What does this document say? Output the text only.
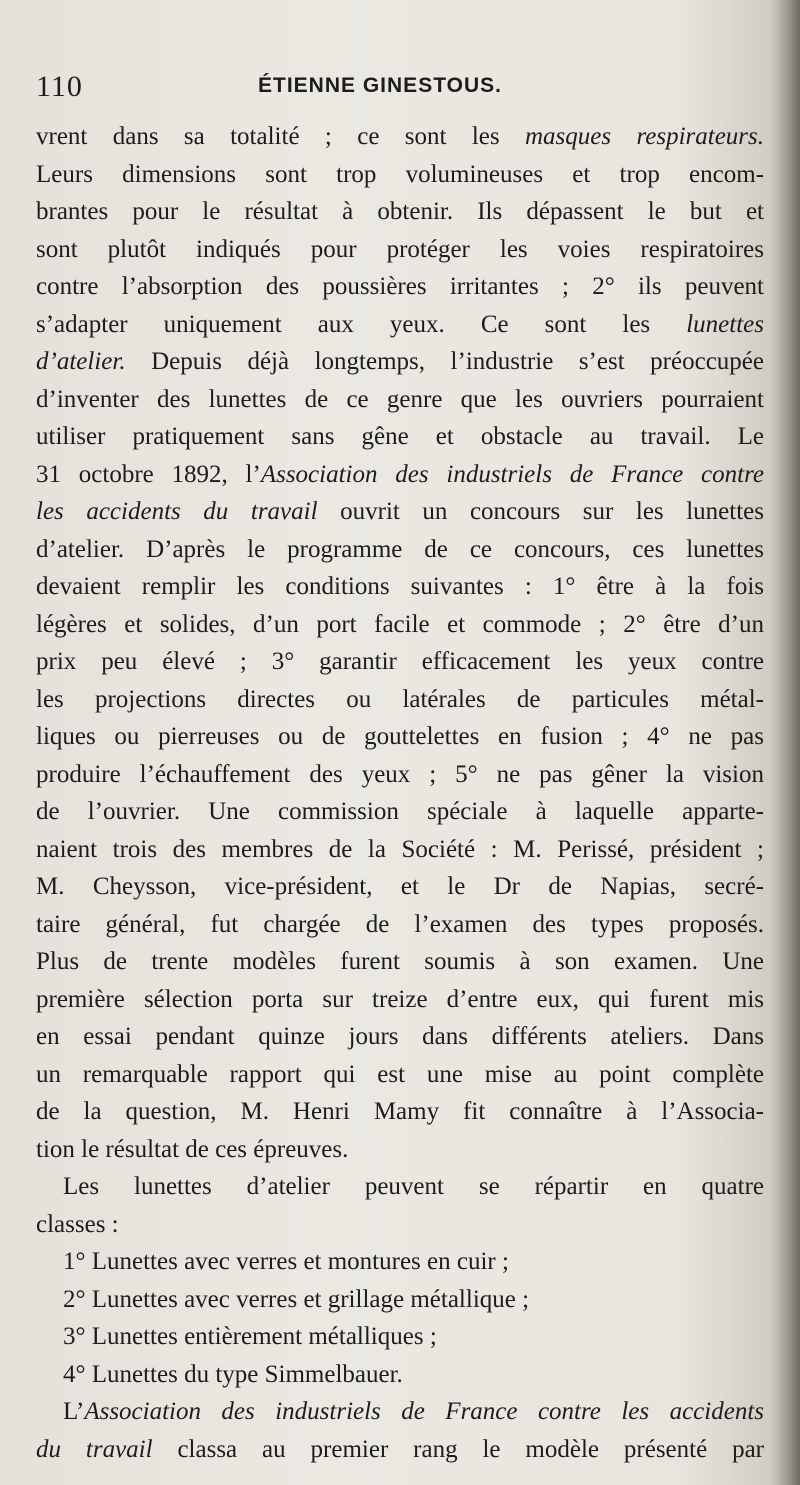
110	ÉTIENNE GINESTOUS.
vrent dans sa totalité ; ce sont les masques respirateurs.
Leurs dimensions sont trop volumineuses et trop encom-
brantes pour le résultat à obtenir. Ils dépassent le but et
sont plutôt indiqués pour protéger les voies respiratoires
contre l’absorption des poussières irritantes ; 2° ils peuvent
s’adapter uniquement aux yeux. Ce sont les lunettes
d’atelier. Depuis déjà longtemps, l’industrie s’est préoccupée
d’inventer des lunettes de ce genre que les ouvriers pourraient
utiliser pratiquement sans gêne et obstacle au travail. Le
31 octobre 1892, l’Association des industriels de France contre
les accidents du travail ouvrit un concours sur les lunettes
d’atelier. D’après le programme de ce concours, ces lunettes
devaient remplir les conditions suivantes : 1° être à la fois
légères et solides, d’un port facile et commode ; 2° être d’un
prix peu élevé ; 3° garantir efficacement les yeux contre
les projections directes ou latérales de particules métal-
liques ou pierreuses ou de gouttelettes en fusion ; 4° ne pas
produire l’échauffement des yeux ; 5° ne pas gêner la vision
de l’ouvrier. Une commission spéciale à laquelle apparte-
naient trois des membres de la Société : M. Perissé, président ;
M. Cheysson, vice-président, et le Dr de Napias, secré-
taire général, fut chargée de l’examen des types proposés.
Plus de trente modèles furent soumis à son examen. Une
première sélection porta sur treize d’entre eux, qui furent mis
en essai pendant quinze jours dans différents ateliers. Dans
un remarquable rapport qui est une mise au point complète
de la question, M. Henri Mamy fit connaître à l’Associa-
tion le résultat de ces épreuves.
Les lunettes d’atelier peuvent se répartir en quatre
classes :
1° Lunettes avec verres et montures en cuir ;
2° Lunettes avec verres et grillage métallique ;
3° Lunettes entièrement métalliques ;
4° Lunettes du type Simmelbauer.
L’Association des industriels de France contre les accidents
du travail classa au premier rang le modèle présenté par
